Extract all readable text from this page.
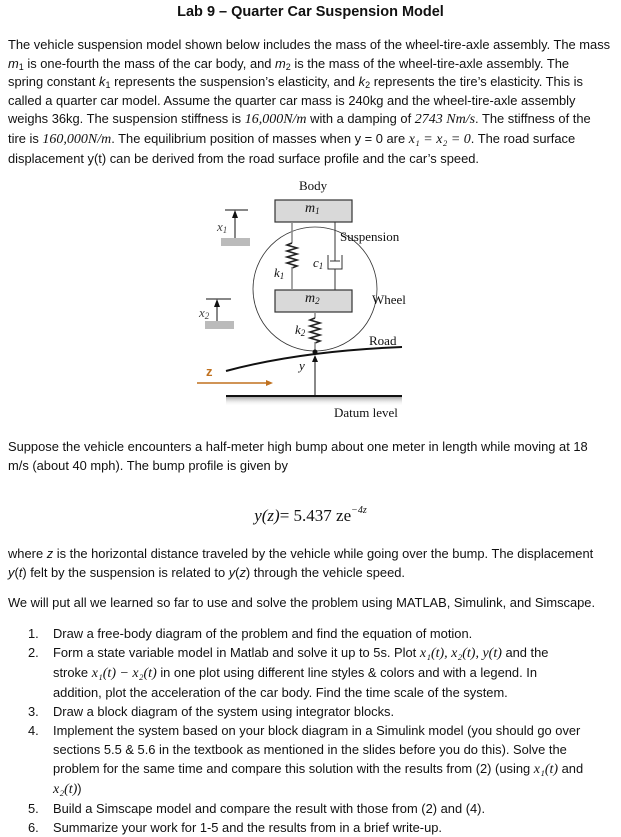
Lab 9 – Quarter Car Suspension Model
The vehicle suspension model shown below includes the mass of the wheel-tire-axle assembly. The mass
$m_1$ is one-fourth the mass of the car body, and $m_2$ is the mass of the wheel-tire-axle assembly. The
spring constant $k_1$ represents the suspension’s elasticity, and $k_2$ represents the tire’s elasticity. This is
called a quarter car model. Assume the quarter car mass is 240kg and the wheel-tire-axle assembly
weighs 36kg. The suspension stiffness is 16,000N/m with a damping of 2743 Nm/s. The stiffness of the
tire is 160,000N/m. The equilibrium position of masses when y = 0 are x₁ = x₂ = 0. The road surface
displacement y(t) can be derived from the road surface profile and the car’s speed.
Body
$m_1$
$m_2$
$x_1$
$x_2$
$k_1$
$k_2$
$c_1$
Suspension
Wheel
Road
y
z
Datum level
Suppose the vehicle encounters a half-meter high bump about one meter in length while moving at 18
m/s (about 40 mph). The bump profile is given by
y(z)= 5.437 $ze^{-4z}$
where z is the horizontal distance traveled by the vehicle while going over the bump. The displacement
y(t) felt by the suspension is related to y(z) through the vehicle speed.
We will put all we learned so far to use and solve the problem using MATLAB, Simulink, and Simscape.
1. Draw a free-body diagram of the problem and find the equation of motion.
2. Form a state variable model in Matlab and solve it up to 5s. Plot x₁(t), x₂(t), y(t) and the
stroke x₁(t) − x₂(t) in one plot using different line styles & colors and with a legend. In
addition, plot the acceleration of the car body. Find the time scale of the system.
3. Draw a block diagram of the system using integrator blocks.
4. Implement the system based on your block diagram in a Simulink model (you should go over
sections 5.5 & 5.6 in the textbook as mentioned in the slides before you do this). Solve the
problem for the same time and compare this solution with the results from (2) (using x₁(t) and
x₂(t))
5. Build a Simscape model and compare the result with those from (2) and (4).
6. Summarize your work for 1-5 and the results from in a brief write-up.
